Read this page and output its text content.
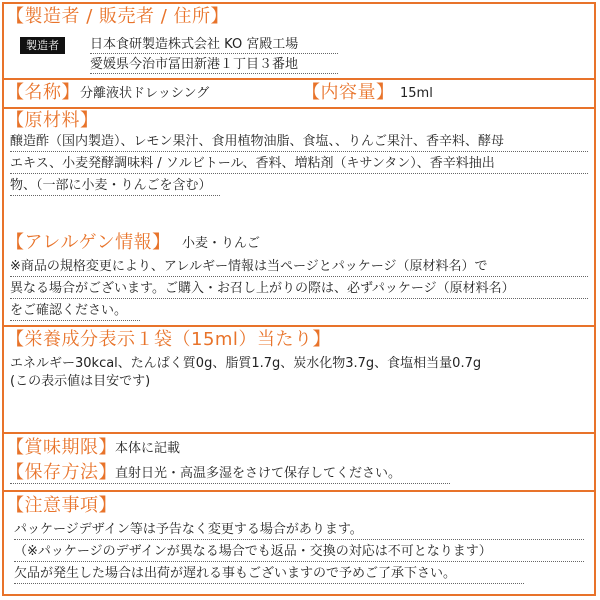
【製造者 / 販売者 / 住所】
製造者	日本食研製造株式会社 KO 宮殿工場
愛媛県今治市冨田新港１丁目３番地
【名称】 分離液状ドレッシング	【内容量】 15ml
【原材料】
醸造酢（国内製造）、レモン果汁、食用植物油脂、食塩、、りんご果汁、香辛料、酵母
エキス、小麦発酵調味料 / ソルビトール、香料、増粘剤（キサンタン）、香辛料抽出
物、（一部に小麦・りんごを含む）
【アレルゲン情報】 小麦・りんご
※商品の規格変更により、アレルギー情報は当ページとパッケージ（原材料名）で
異なる場合がございます。ご購入・お召し上がりの際は、必ずパッケージ（原材料名）
をご確認ください。
【栄養成分表示１袋（15ml）当たり】
エネルギー30kcal、たんぱく質0g、脂質1.7g、炭水化物3.7g、食塩相当量0.7g
(この表示値は目安です)
【賞味期限】
本体に記載
【保存方法】
直射日光・高温多湿をさけて保存してください。
【注意事項】
パッケージデザイン等は予告なく変更する場合があります。
（※パッケージのデザインが異なる場合でも返品・交換の対応は不可となります）
欠品が発生した場合は出荷が遅れる事もございますので予めご了承下さい。
